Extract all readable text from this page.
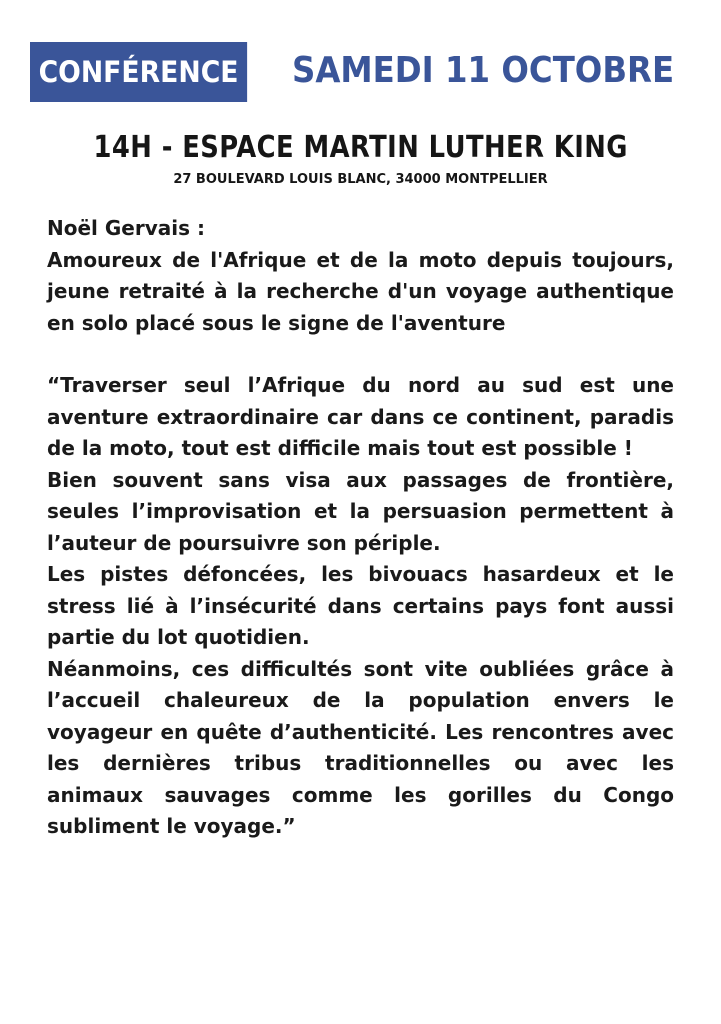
CONFÉRENCE SAMEDI 11 OCTOBRE
14H - ESPACE MARTIN LUTHER KING
27 BOULEVARD LOUIS BLANC, 34000 MONTPELLIER

Noël Gervais :

Amoureux de l'Afrique et de la moto depuis toujours, jeune retraité à la recherche d'un voyage authentique en solo placé sous le signe de l'aventure

“Traverser seul l’Afrique du nord au sud est une aventure extraordinaire car dans ce continent, paradis de la moto, tout est difficile mais tout est possible !

Bien souvent sans visa aux passages de frontière, seules l’improvisation et la persuasion permettent à l’auteur de poursuivre son périple.

Les pistes défoncées, les bivouacs hasardeux et le stress lié à l’insécurité dans certains pays font aussi partie du lot quotidien.

Néanmoins, ces difficultés sont vite oubliées grâce à l’accueil chaleureux de la population envers le voyageur en quête d’authenticité. Les rencontres avec les dernières tribus traditionnelles ou avec les animaux sauvages comme les gorilles du Congo subliment le voyage.”
